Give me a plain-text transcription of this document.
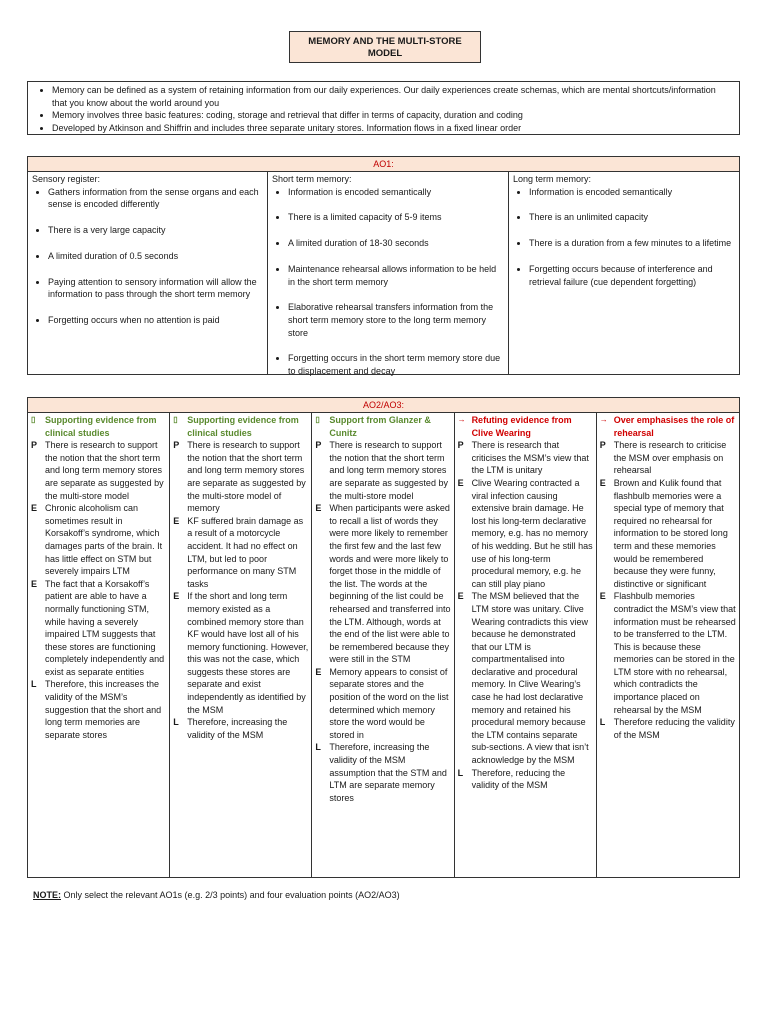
MEMORY AND THE MULTI-STORE
MODEL
• Memory can be defined as a system of retaining information from our daily experiences. Our daily experiences create schemas, which are mental shortcuts/information that you know about the world around you
• Memory involves three basic features: coding, storage and retrieval that differ in terms of capacity, duration and coding
• Developed by Atkinson and Shiffrin and includes three separate unitary stores. Information flows in a fixed linear order
AO1:
Sensory register:
• Gathers information from the sense organs and each sense is encoded differently
• There is a very large capacity
• A limited duration of 0.5 seconds
• Paying attention to sensory information will allow the information to pass through the short term memory
• Forgetting occurs when no attention is paid
Short term memory:
• Information is encoded semantically
• There is a limited capacity of 5-9 items
• A limited duration of 18-30 seconds
• Maintenance rehearsal allows information to be held in the short term memory
• Elaborative rehearsal transfers information from the short term memory store to the long term memory store
• Forgetting occurs in the short term memory store due to displacement and decay
Long term memory:
• Information is encoded semantically
• There is an unlimited capacity
• There is a duration from a few minutes to a lifetime
• Forgetting occurs because of interference and retrieval failure (cue dependent forgetting)
AO2/AO3:
▯	Supporting evidence from clinical studies
P There is research to support the notion that the short term and long term memory stores are separate as suggested by the multi-store model
E Chronic alcoholism can sometimes result in Korsakoff’s syndrome, which damages parts of the brain. It has little effect on STM but severely impairs LTM
E The fact that a Korsakoff’s patient are able to have a normally functioning STM, while having a severely impaired LTM suggests that these stores are functioning completely independently and exist as separate entities
L Therefore, this increases the validity of the MSM’s suggestion that the short and long term memories are separate stores
▯	Supporting evidence from clinical studies
P There is research to support the notion that the short term and long term memory stores are separate as suggested by the multi-store model of memory
E KF suffered brain damage as a result of a motorcycle accident. It had no effect on LTM, but led to poor performance on many STM tasks
E If the short and long term memory existed as a combined memory store than KF would have lost all of his memory functioning. However, this was not the case, which suggests these stores are separate and exist independently as identified by the MSM
L Therefore, increasing the validity of the MSM
▯	Support from Glanzer & Cunitz
P There is research to support the notion that the short term and long term memory stores are separate as suggested by the multi-store model
E When participants were asked to recall a list of words they were more likely to remember the first few and the last few words and were more likely to forget those in the middle of the list. The words at the beginning of the list could be rehearsed and transferred into the LTM. Although, words at the end of the list were able to be remembered because they were still in the STM
E Memory appears to consist of separate stores and the position of the word on the list determined which memory store the word would be stored in
L Therefore, increasing the validity of the MSM assumption that the STM and LTM are separate memory stores
→ Refuting evidence from Clive Wearing
P There is research that criticises the MSM’s view that the LTM is unitary
E Clive Wearing contracted a viral infection causing extensive brain damage. He lost his long-term declarative memory, e.g. has no memory of his wedding. But he still has use of his long-term procedural memory, e.g. he can still play piano
E The MSM believed that the LTM store was unitary. Clive Wearing contradicts this view because he demonstrated that our LTM is compartmentalised into declarative and procedural memory. In Clive Wearing’s case he had lost declarative memory and retained his procedural memory because the LTM contains separate sub-sections. A view that isn’t acknowledge by the MSM
L Therefore, reducing the validity of the MSM
→ Over emphasises the role of rehearsal
P There is research to criticise the MSM over emphasis on rehearsal
E Brown and Kulik found that flashbulb memories were a special type of memory that required no rehearsal for information to be stored long term and these memories would be remembered because they were funny, distinctive or significant
E Flashbulb memories contradict the MSM’s view that information must be rehearsed to be transferred to the LTM. This is because these memories can be stored in the LTM store with no rehearsal, which contradicts the importance placed on rehearsal by the MSM
L Therefore reducing the validity of the MSM
NOTE: Only select the relevant AO1s (e.g. 2/3 points) and four evaluation points (AO2/AO3)
